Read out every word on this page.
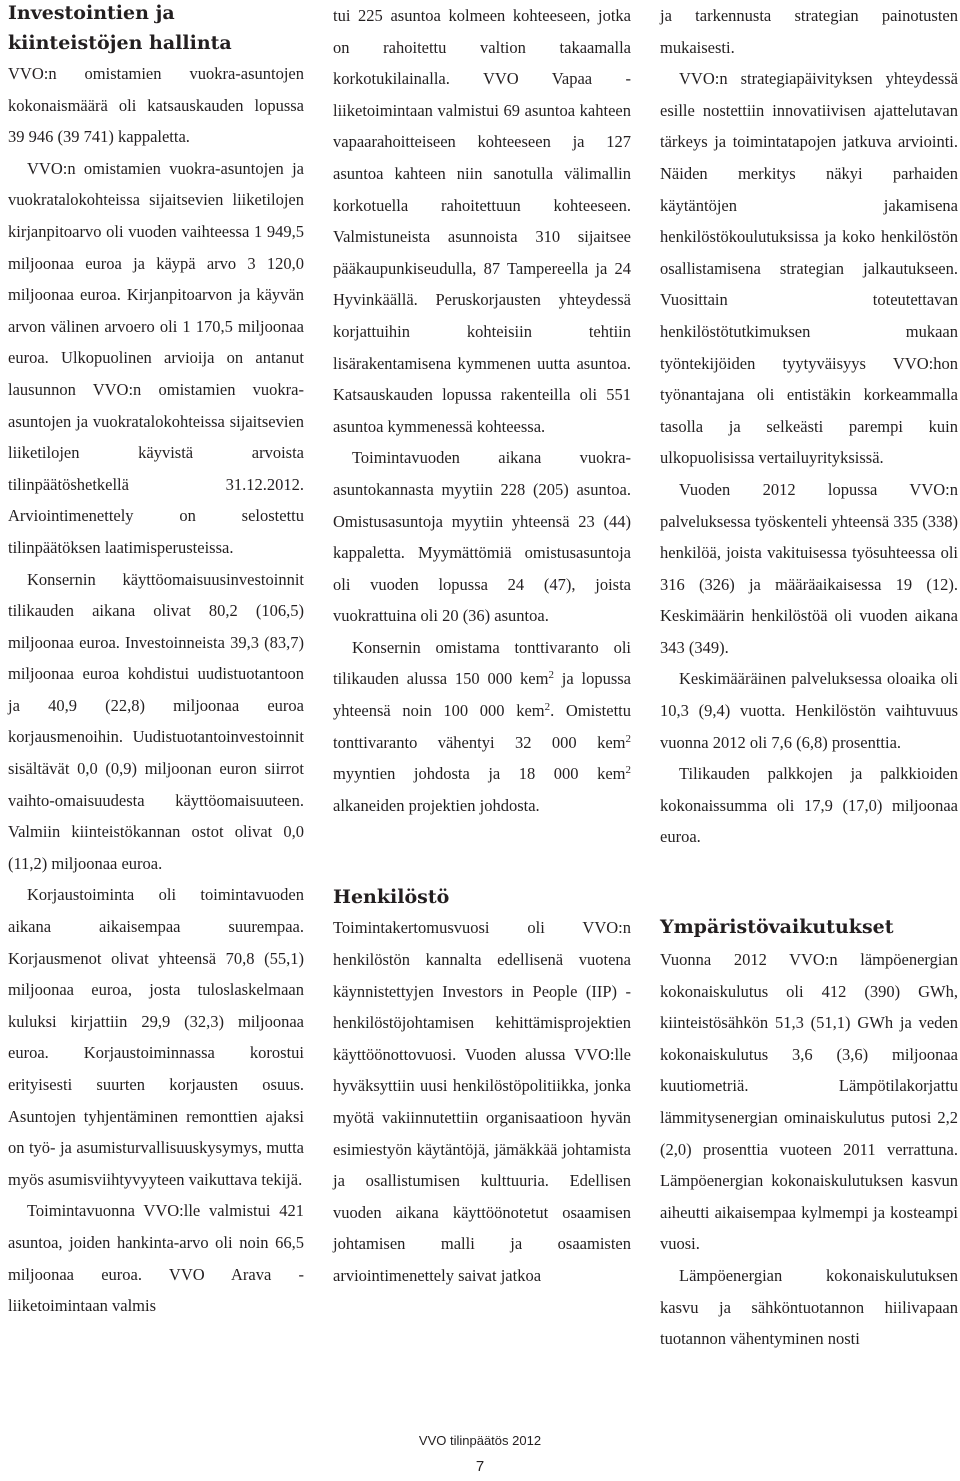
Investointien ja kiinteistöjen hallinta

VVO:n omistamien vuokra-asuntojen kokonaismäärä oli katsauskauden lopussa 39 946 (39 741) kappaletta.

VVO:n omistamien vuokra-asuntojen ja vuokratalokohteissa sijaitsevien liiketilojen kirjanpitoarvo oli vuoden vaihteessa 1 949,5 miljoonaa euroa ja käypä arvo 3 120,0 miljoonaa euroa. Kirjanpitoarvon ja käyvän arvon välinen arvoero oli 1 170,5 miljoonaa euroa. Ulkopuolinen arvioija on antanut lausunnon VVO:n omistamien vuokra-asuntojen ja vuokratalokohteissa sijaitsevien liiketilojen käyvistä arvoista tilinpäätöshetkellä 31.12.2012. Arviointimenettely on selostettu tilinpäätöksen laatimisperusteissa.

Konsernin käyttöomaisuusinvestoinnit tilikauden aikana olivat 80,2 (106,5) miljoonaa euroa. Investoinneista 39,3 (83,7) miljoonaa euroa kohdistui uudistuotantoon ja 40,9 (22,8) miljoonaa euroa korjausmenoihin. Uudistuotantoinvestoinnit sisältävät 0,0 (0,9) miljoonan euron siirrot vaihto-omaisuudesta käyttöomaisuuteen. Valmiin kiinteistökannan ostot olivat 0,0 (11,2) miljoonaa euroa.

Korjaustoiminta oli toimintavuoden aikana aikaisempaa suurempaa. Korjausmenot olivat yhteensä 70,8 (55,1) miljoonaa euroa, josta tuloslaskelmaan kuluksi kirjattiin 29,9 (32,3) miljoonaa euroa. Korjaustoiminnassa korostui erityisesti suurten korjausten osuus. Asuntojen tyhjentäminen remonttien ajaksi on työ- ja asumisturvallisuuskysymys, mutta myös asumisviihtyvyyteen vaikuttava tekijä.

Toimintavuonna VVO:lle valmistui 421 asuntoa, joiden hankinta-arvo oli noin 66,5 miljoonaa euroa. VVO Arava -liiketoimintaan valmis

tui 225 asuntoa kolmeen kohteeseen, jotka on rahoitettu valtion takaamalla korkotukilainalla. VVO Vapaa -liiketoimintaan valmistui 69 asuntoa kahteen vapaarahoitteiseen kohteeseen ja 127 asuntoa kahteen niin sanotulla välimallin korkotuella rahoitettuun kohteeseen. Valmistuneista asunnoista 310 sijaitsee pääkaupunkiseudulla, 87 Tampereella ja 24 Hyvinkäällä. Peruskorjausten yhteydessä korjattuihin kohteisiin tehtiin lisärakentamisena kymmenen uutta asuntoa. Katsauskauden lopussa rakenteilla oli 551 asuntoa kymmenessä kohteessa.

Toimintavuoden aikana vuokra-asuntokannasta myytiin 228 (205) asuntoa. Omistusasuntoja myytiin yhteensä 23 (44) kappaletta. Myymättömiä omistusasuntoja oli vuoden lopussa 24 (47), joista vuokrattuina oli 20 (36) asuntoa.

Konsernin omistama tonttivaranto oli tilikauden alussa 150 000 kem$^2$ ja lopussa yhteensä noin 100 000 kem$^2$. Omistettu tonttivaranto vähentyi 32 000 kem$^2$ myyntien johdosta ja 18 000 kem$^2$ alkaneiden projektien johdosta.

Henkilöstö

Toimintakertomusvuosi oli VVO:n henkilöstön kannalta edellisenä vuotena käynnistettyjen Investors in People (IIP) -henkilöstöjohtamisen kehittämisprojektien käyttöönottovuosi. Vuoden alussa VVO:lle hyväksyttiin uusi henkilöstöpolitiikka, jonka myötä vakiinnutettiin organisaatioon hyvän esimiestyön käytäntöjä, jämäkkää johtamista ja osallistumisen kulttuuria. Edellisen vuoden aikana käyttöönotetut osaamisen johtamisen malli ja osaamisten arviointimenettely saivat jatkoa

ja tarkennusta strategian painotusten mukaisesti.

VVO:n strategiapäivityksen yhteydessä esille nostettiin innovatiivisen ajattelutavan tärkeys ja toimintatapojen jatkuva arviointi. Näiden merkitys näkyi parhaiden käytäntöjen jakamisena henkilöstökoulutuksissa ja koko henkilöstön osallistamisena strategian jalkautukseen. Vuosittain toteutettavan henkilöstötutkimuksen mukaan työntekijöiden tyytyväisyys VVO:hon työnantajana oli entistäkin korkeammalla tasolla ja selkeästi parempi kuin ulkopuolisissa vertailuyrityksissä.

Vuoden 2012 lopussa VVO:n palveluksessa työskenteli yhteensä 335 (338) henkilöä, joista vakituisessa työsuhteessa oli 316 (326) ja määräaikaisessa 19 (12). Keskimäärin henkilöstöä oli vuoden aikana 343 (349).

Keskimääräinen palveluksessa oloaika oli 10,3 (9,4) vuotta. Henkilöstön vaihtuvuus vuonna 2012 oli 7,6 (6,8) prosenttia.

Tilikauden palkkojen ja palkkioiden kokonaissumma oli 17,9 (17,0) miljoonaa euroa.

Ympäristövaikutukset

Vuonna 2012 VVO:n lämpöenergian kokonaiskulutus oli 412 (390) GWh, kiinteistösähkön 51,3 (51,1) GWh ja veden kokonaiskulutus 3,6 (3,6) miljoonaa kuutiometriä. Lämpötilakorjattu lämmitysenergian ominaiskulutus putosi 2,2 (2,0) prosenttia vuoteen 2011 verrattuna. Lämpöenergian kokonaiskulutuksen kasvun aiheutti aikaisempaa kylmempi ja kosteampi vuosi.

Lämpöenergian kokonaiskulutuksen kasvu ja sähköntuotannon hiilivapaan tuotannon vähentyminen nosti

VVO tilinpäätös 2012
7
